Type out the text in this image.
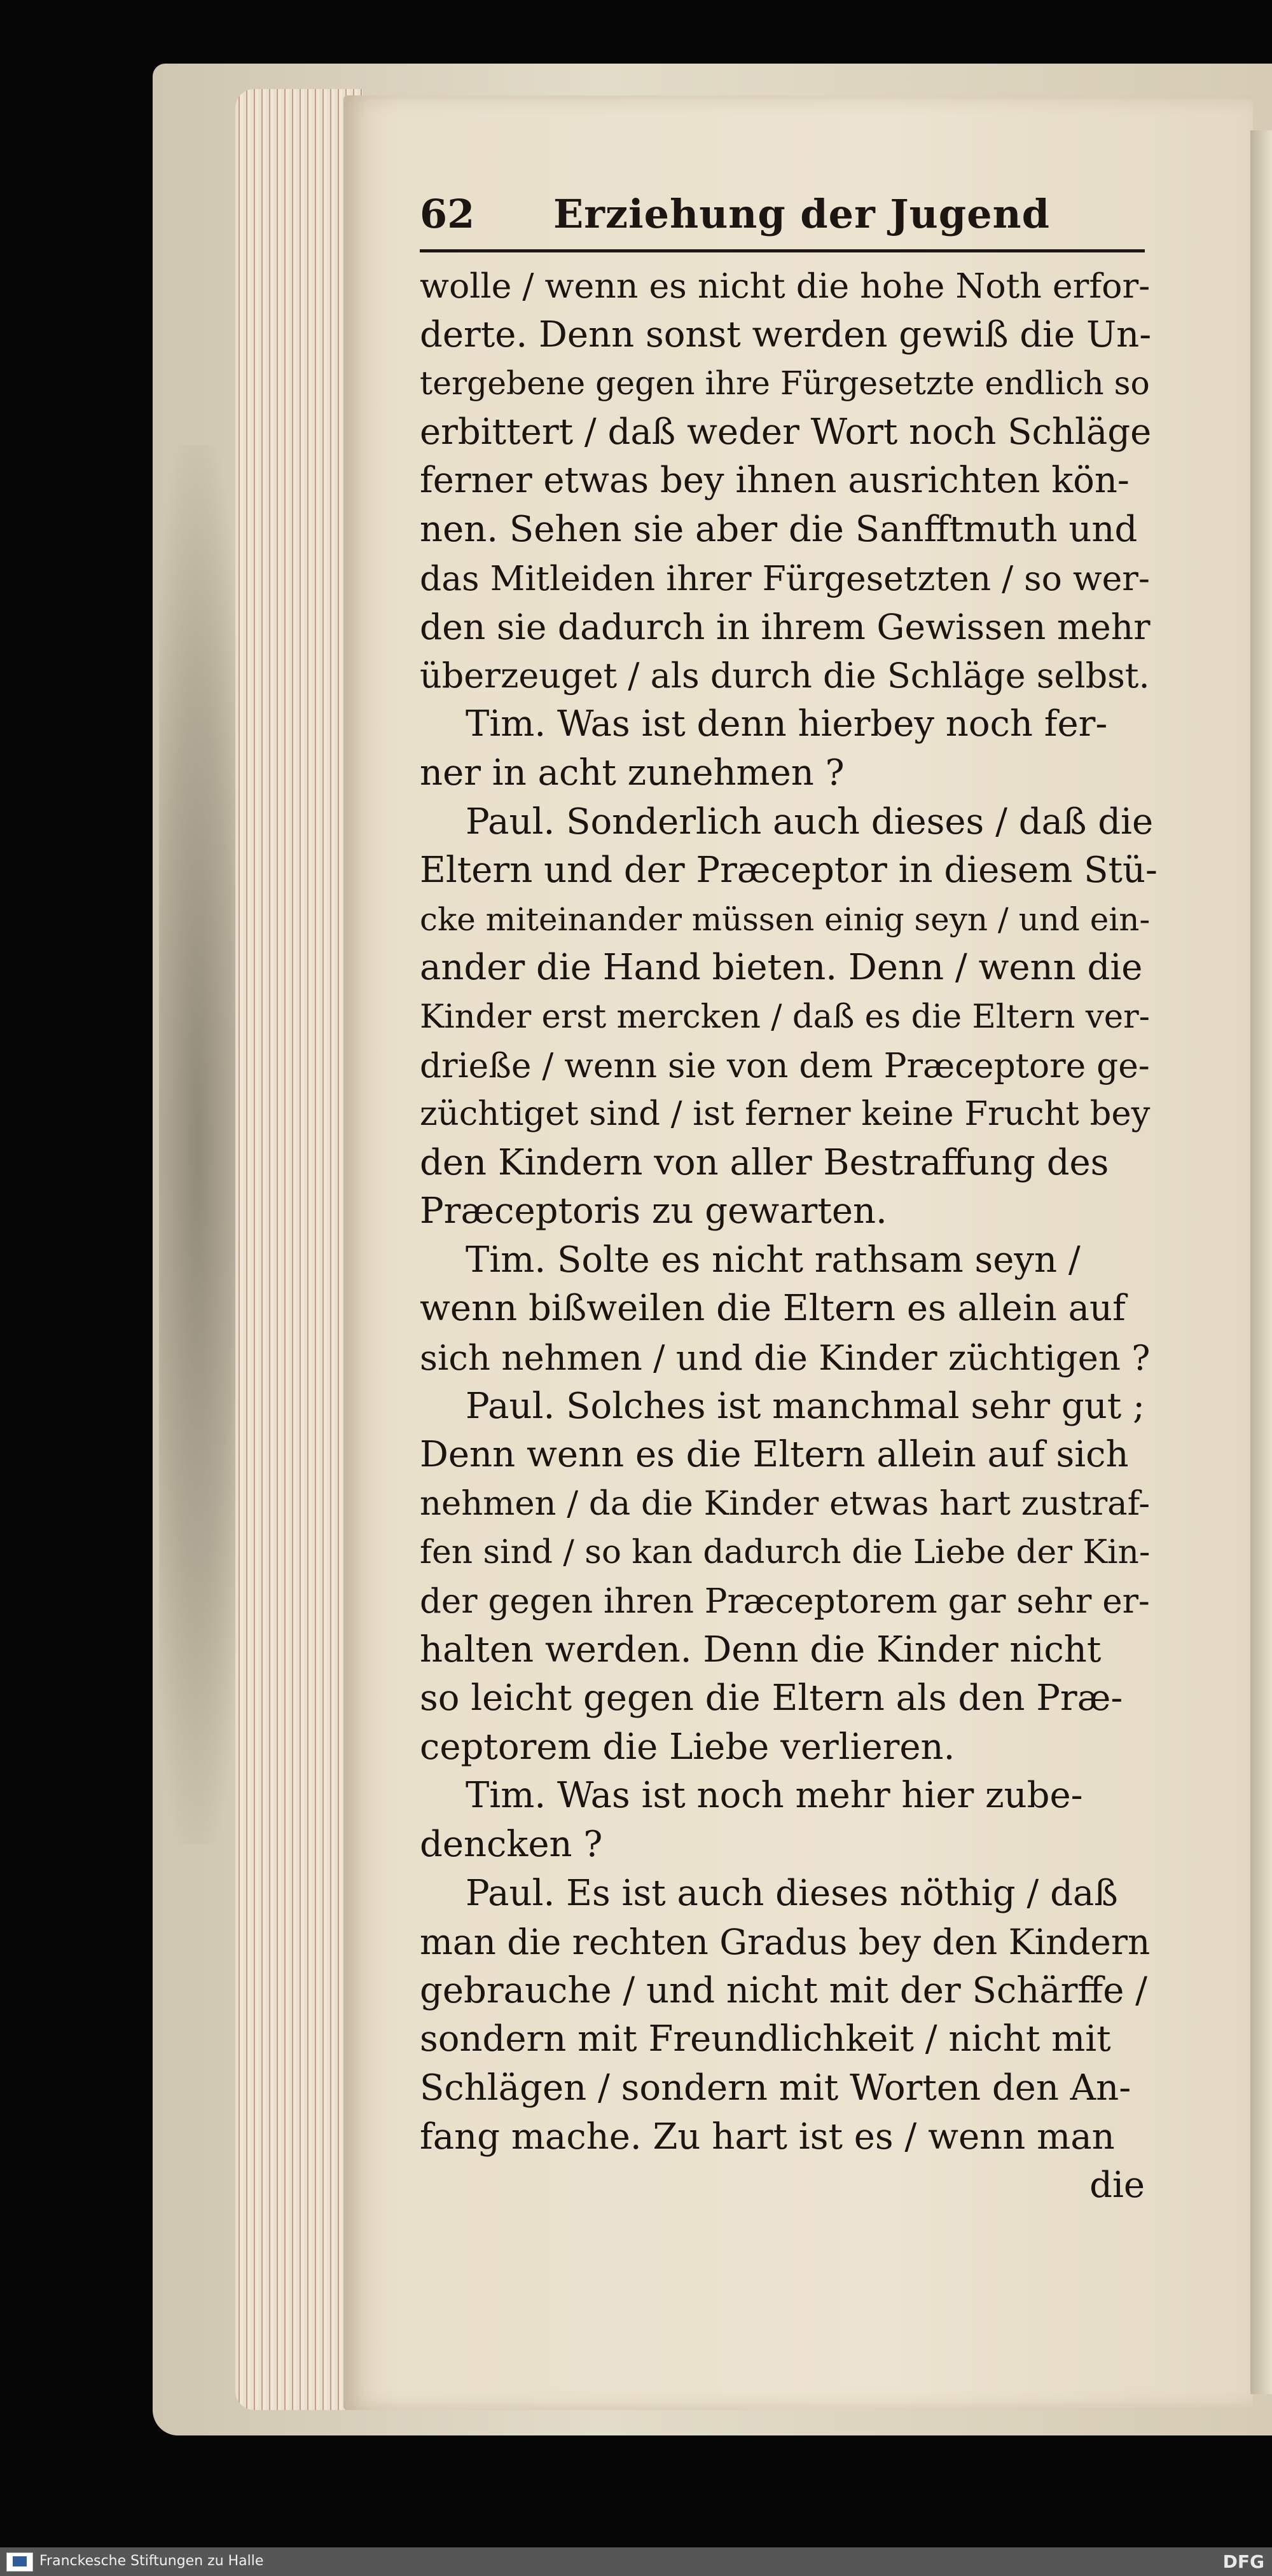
62 Erziehung der Jugend
wolle / wenn es nicht die hohe Noth erfor-
derte. Denn sonst werden gewiß die Un-
tergebene gegen ihre Fürgesetzte endlich so
erbittert / daß weder Wort noch Schläge
ferner etwas bey ihnen ausrichten kön-
nen. Sehen sie aber die Sanfftmuth und
das Mitleiden ihrer Fürgesetzten / so wer-
den sie dadurch in ihrem Gewissen mehr
überzeuget / als durch die Schläge selbst.
Tim. Was ist denn hierbey noch fer-
ner in acht zunehmen ?
Paul. Sonderlich auch dieses / daß die
Eltern und der Præceptor in diesem Stü-
cke miteinander müssen einig seyn / und ein-
ander die Hand bieten. Denn / wenn die
Kinder erst mercken / daß es die Eltern ver-
drieße / wenn sie von dem Præceptore ge-
züchtiget sind / ist ferner keine Frucht bey
den Kindern von aller Bestraffung des
Præceptoris zu gewarten.
Tim. Solte es nicht rathsam seyn /
wenn bißweilen die Eltern es allein auf
sich nehmen / und die Kinder züchtigen ?
Paul. Solches ist manchmal sehr gut ;
Denn wenn es die Eltern allein auf sich
nehmen / da die Kinder etwas hart zustraf-
fen sind / so kan dadurch die Liebe der Kin-
der gegen ihren Præceptorem gar sehr er-
halten werden. Denn die Kinder nicht
so leicht gegen die Eltern als den Præ-
ceptorem die Liebe verlieren.
Tim. Was ist noch mehr hier zube-
dencken ?
Paul. Es ist auch dieses nöthig / daß
man die rechten Gradus bey den Kindern
gebrauche / und nicht mit der Schärffe /
sondern mit Freundlichkeit / nicht mit
Schlägen / sondern mit Worten den An-
fang mache. Zu hart ist es / wenn man
die
Franckesche Stiftungen zu Halle	DFG
